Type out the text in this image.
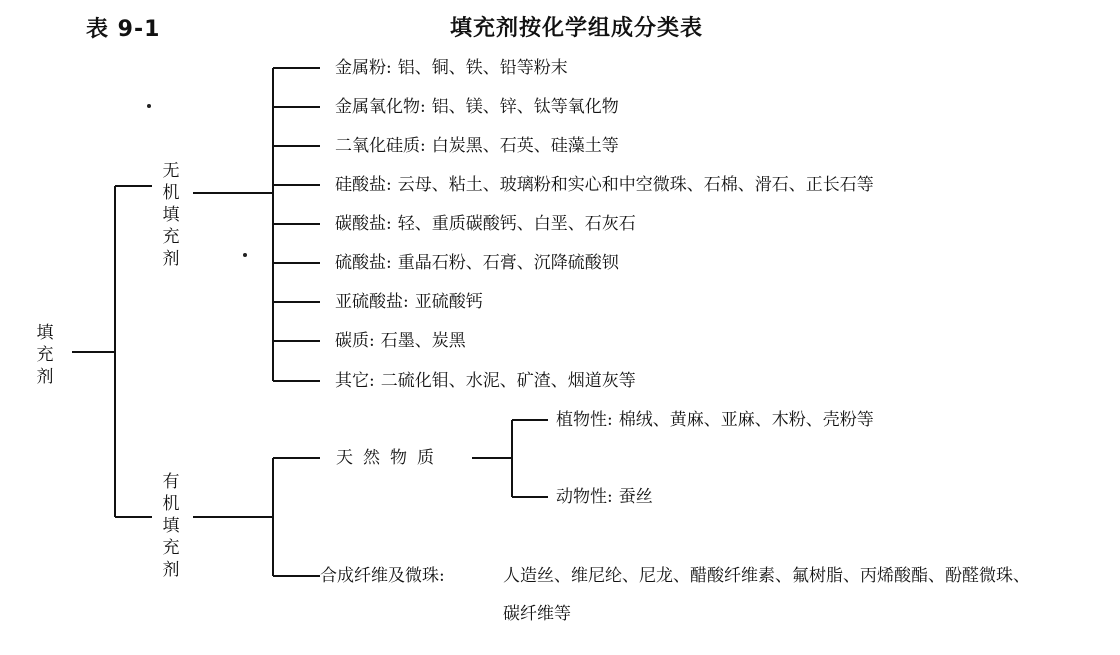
表 9-1	填充剂按化学组成分类表
填充剂
无机填充剂
有机填充剂
金属粉: 铝、铜、铁、铅等粉末
金属氧化物: 铝、镁、锌、钛等氧化物
二氧化硅质: 白炭黑、石英、硅藻土等
硅酸盐: 云母、粘土、玻璃粉和实心和中空微珠、石棉、滑石、正长石等
碳酸盐: 轻、重质碳酸钙、白垩、石灰石
硫酸盐: 重晶石粉、石膏、沉降硫酸钡
亚硫酸盐: 亚硫酸钙
碳质: 石墨、炭黑
其它: 二硫化钼、水泥、矿渣、烟道灰等
天然物质
植物性: 棉绒、黄麻、亚麻、木粉、壳粉等
动物性: 蚕丝
合成纤维及微珠:	人造丝、维尼纶、尼龙、醋酸纤维素、氟树脂、丙烯酸酯、酚醛微珠、
碳纤维等
